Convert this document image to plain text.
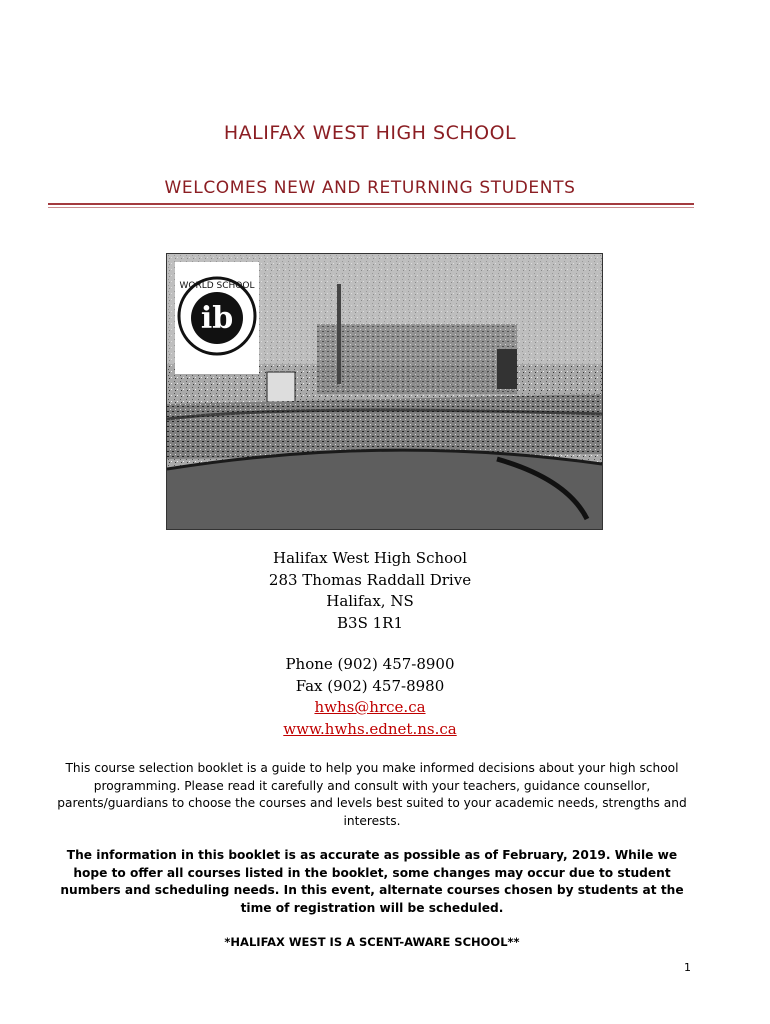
HALIFAX WEST HIGH SCHOOL
WELCOMES NEW AND RETURNING STUDENTS
ib
WORLD SCHOOL
Halifax West High School
283 Thomas Raddall Drive
Halifax, NS
B3S 1R1
Phone (902) 457-8900
Fax (902) 457-8980
hwhs@hrce.ca
www.hwhs.ednet.ns.ca
This course selection booklet is a guide to help you make informed decisions about your high school programming. Please read it carefully and consult with your teachers, guidance counsellor, parents/guardians to choose the courses and levels best suited to your academic needs, strengths and interests.
The information in this booklet is as accurate as possible as of February, 2019. While we hope to offer all courses listed in the booklet, some changes may occur due to student numbers and scheduling needs. In this event, alternate courses chosen by students at the time of registration will be scheduled.
*HALIFAX WEST IS A SCENT-AWARE SCHOOL**
1
